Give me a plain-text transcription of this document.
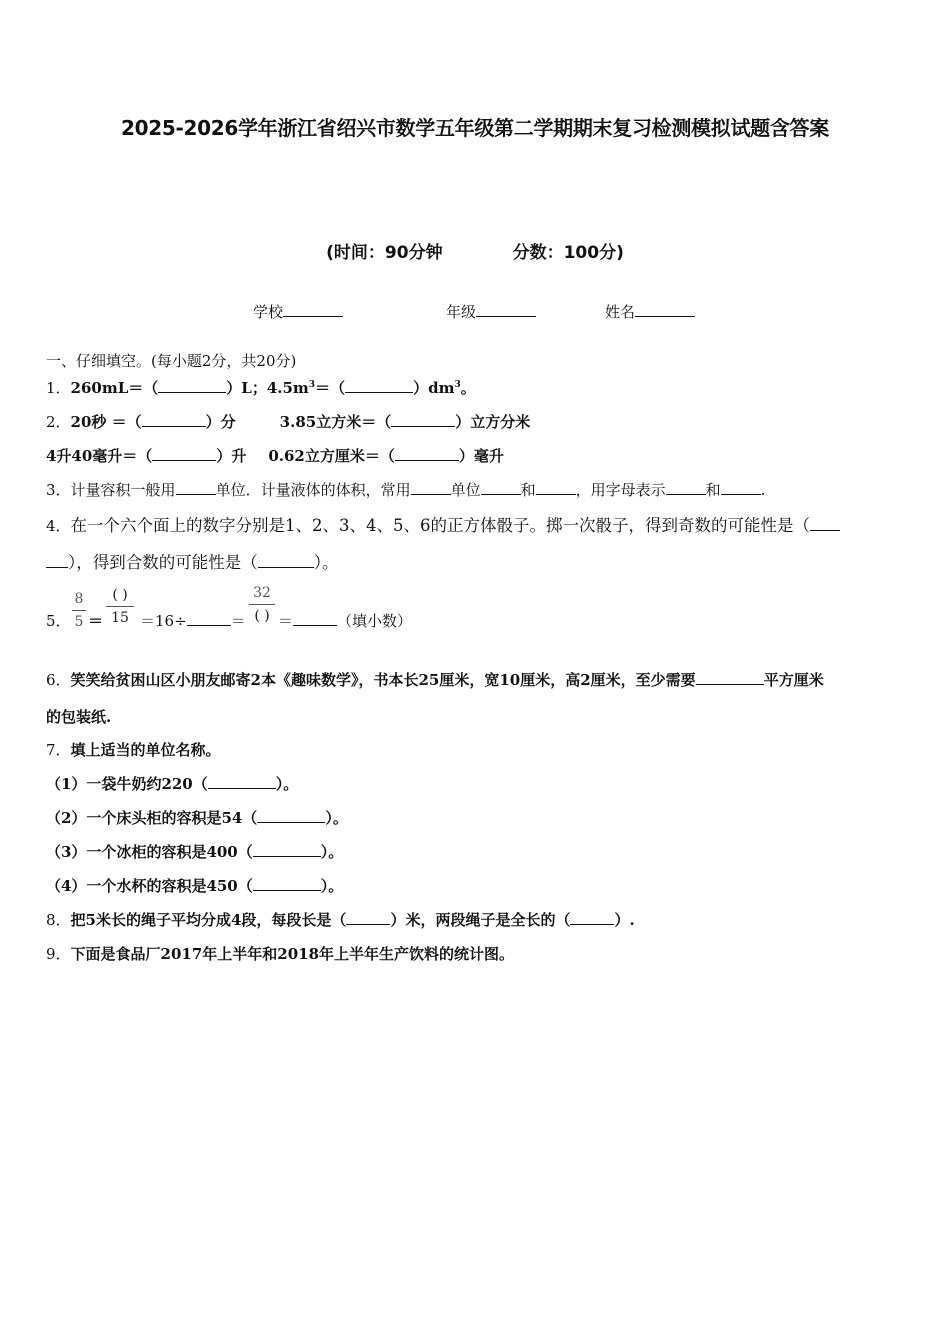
2025-2026学年浙江省绍兴市数学五年级第二学期期末复习检测模拟试题含答案
(时间：90分钟	分数：100分)
学校	年级	姓名
一、仔细填空。(每小题2分，共20分)
1．260mL＝（	）L；$4.5m^3=$（	）$dm^3$。
2．20秒 ＝（	）分	3.85立方米＝（	）立方分米
4升40毫升＝（	）升 0.62立方厘米＝（	）毫升
3．计量容积一般用	单位．计量液体的体积，常用	单位	和	，用字母表示	和	.
4．在一个六个面上的数字分别是1、2、3、4、5、6的正方体骰子。掷一次骰子，得到奇数的可能性是（
），得到合数的可能性是（	）。
5．
8
5 ＝
( )
15 ＝16÷	＝
32
( ) ＝	（填小数）
6．笑笑给贫困山区小朋友邮寄2本《趣味数学》，书本长25厘米，宽10厘米，高2厘米，至少需要	平方厘米
的包装纸.
7．填上适当的单位名称。
（1）一袋牛奶约220（	）。
（2）一个床头柜的容积是54（	）。
（3）一个冰柜的容积是400（	）。
（4）一个水杯的容积是450（	）。
8．把5米长的绳子平均分成4段，每段长是（	）米，两段绳子是全长的（	）.
9．下面是食品厂2017年上半年和2018年上半年生产饮料的统计图。
